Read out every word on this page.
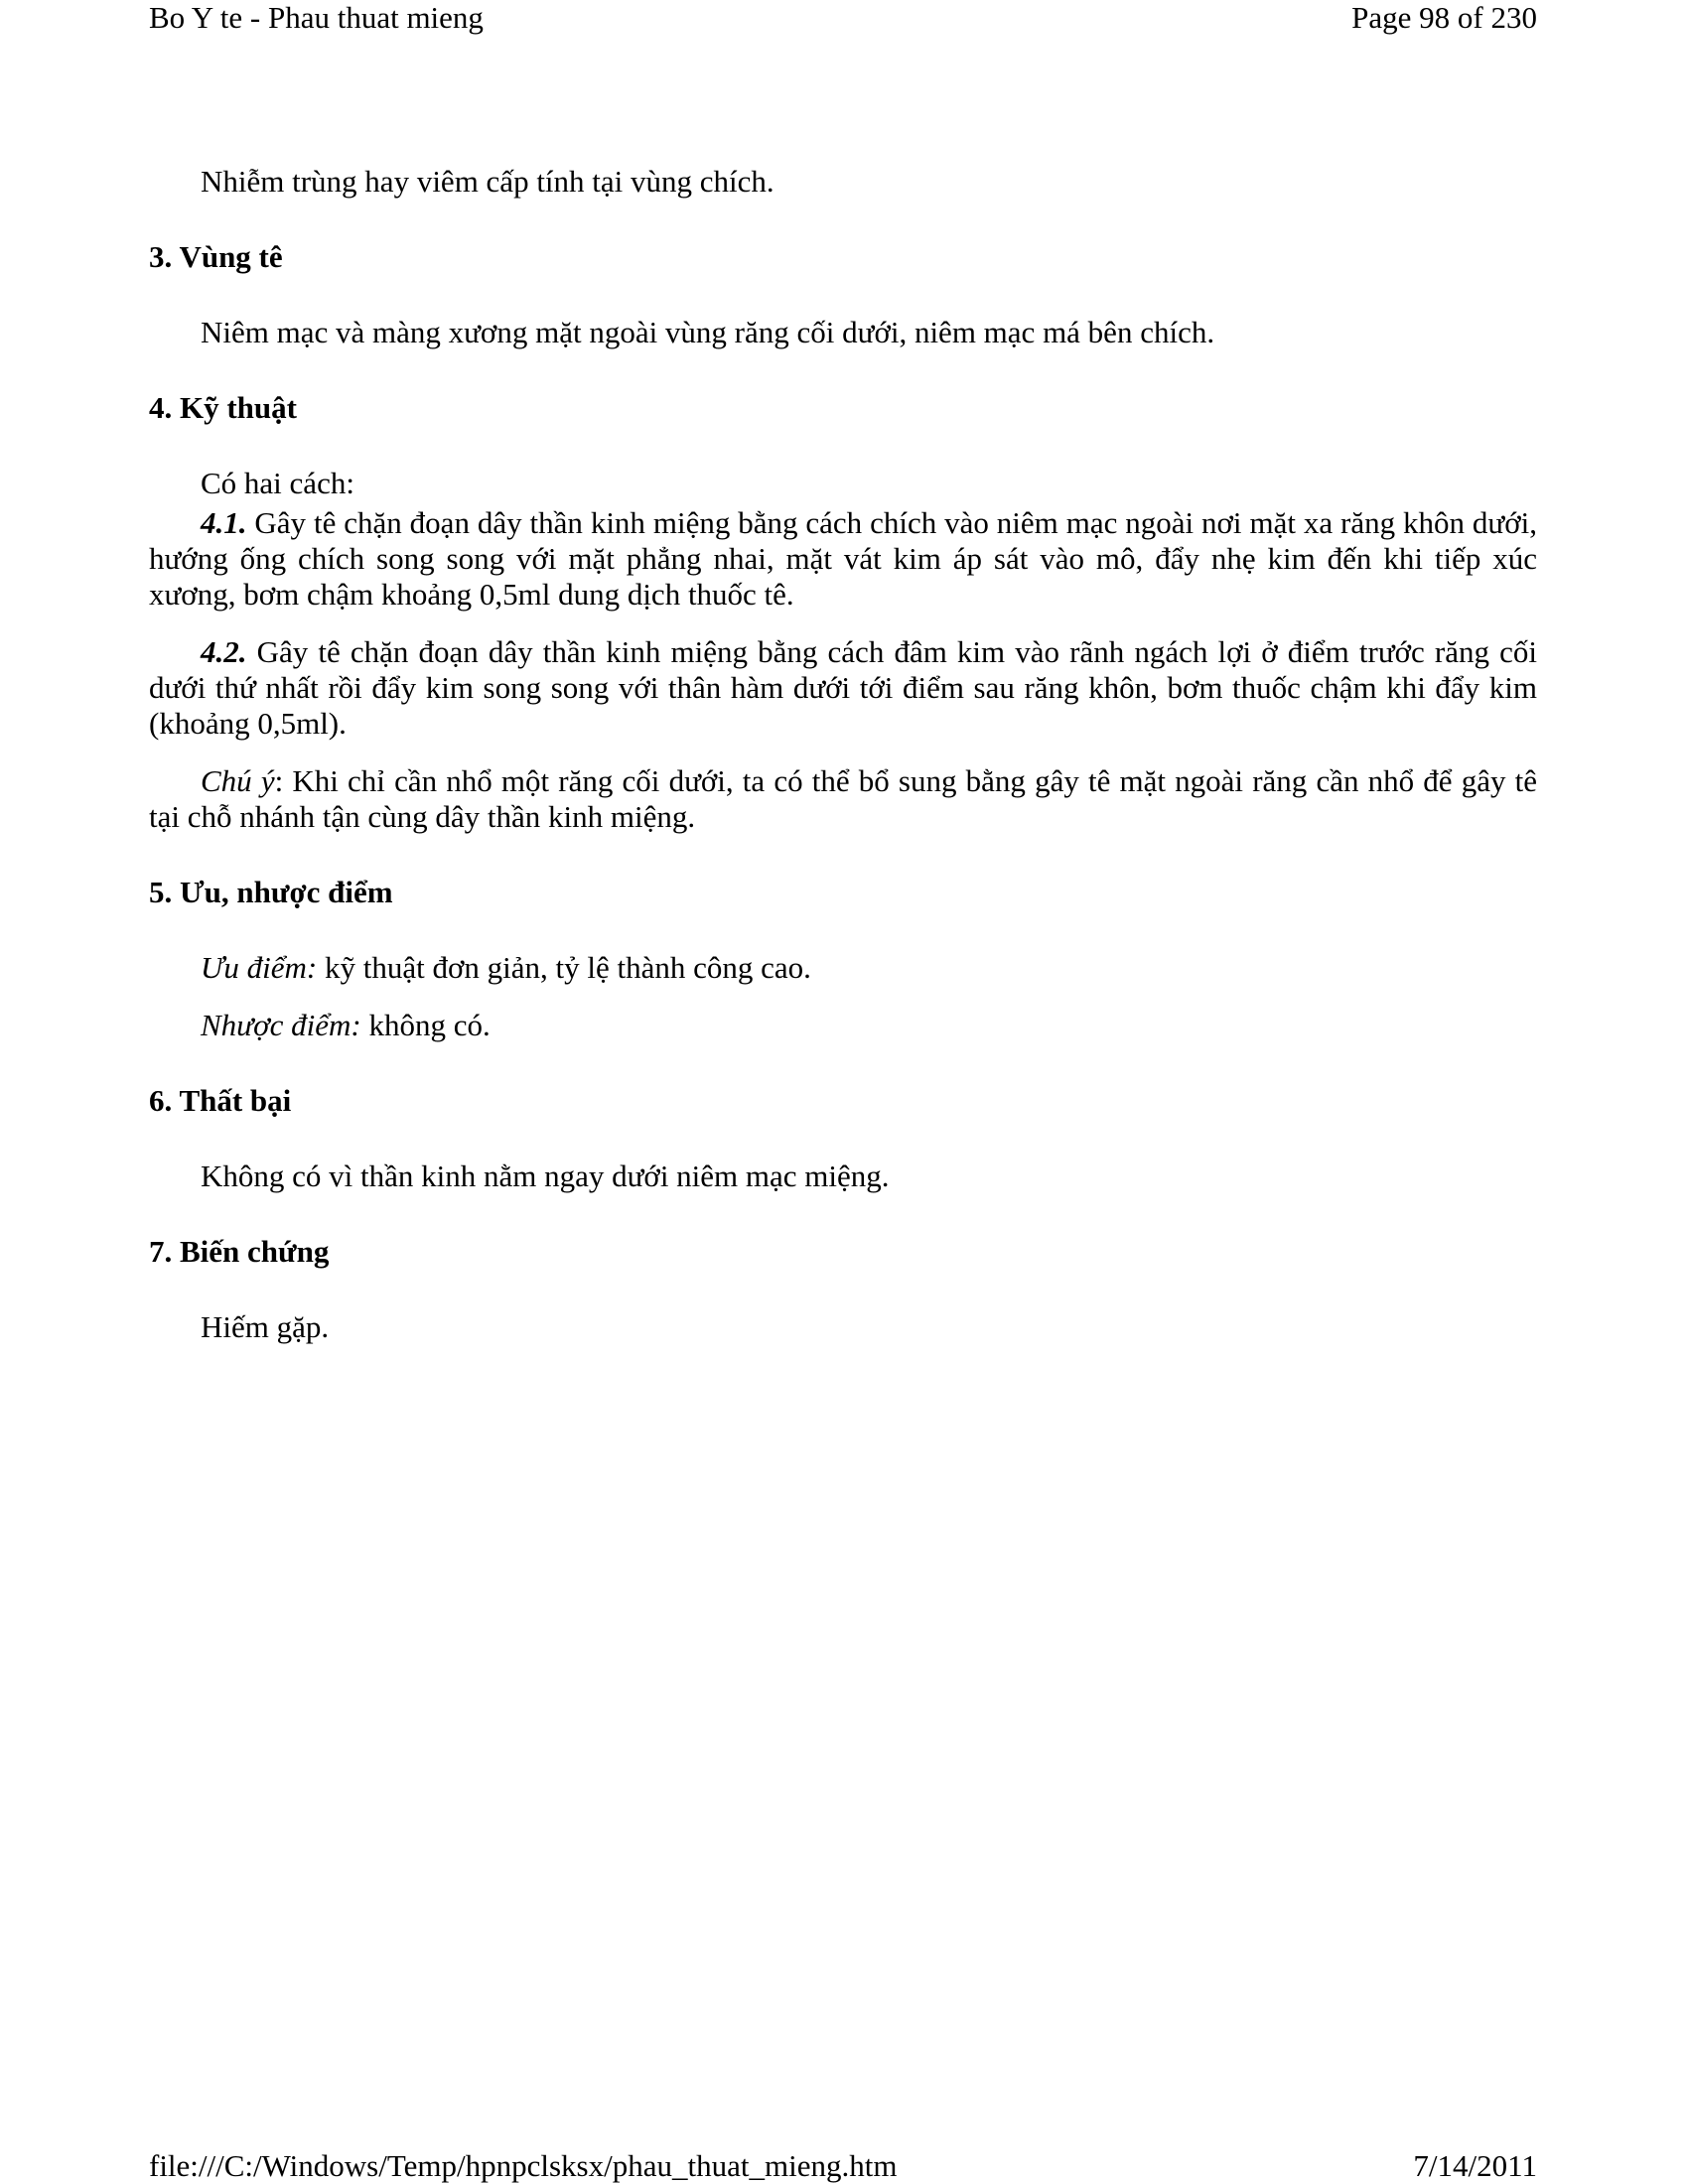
Bo Y te - Phau thuat mieng	Page 98 of 230

Nhiễm trùng hay viêm cấp tính tại vùng chích.

3. Vùng tê

Niêm mạc và màng xương mặt ngoài vùng răng cối dưới, niêm mạc má bên chích.

4. Kỹ thuật

Có hai cách:

4.1. Gây tê chặn đoạn dây thần kinh miệng bằng cách chích vào niêm mạc ngoài nơi mặt xa răng khôn dưới, hướng ống chích song song với mặt phẳng nhai, mặt vát kim áp sát vào mô, đẩy nhẹ kim đến khi tiếp xúc xương, bơm chậm khoảng 0,5ml dung dịch thuốc tê.

4.2. Gây tê chặn đoạn dây thần kinh miệng bằng cách đâm kim vào rãnh ngách lợi ở điểm trước răng cối dưới thứ nhất rồi đẩy kim song song với thân hàm dưới tới điểm sau răng khôn, bơm thuốc chậm khi đẩy kim (khoảng 0,5ml).

Chú ý: Khi chỉ cần nhổ một răng cối dưới, ta có thể bổ sung bằng gây tê mặt ngoài răng cần nhổ để gây tê tại chỗ nhánh tận cùng dây thần kinh miệng.

5. Ưu, nhược điểm

Ưu điểm: kỹ thuật đơn giản, tỷ lệ thành công cao.

Nhược điểm: không có.

6. Thất bại

Không có vì thần kinh nằm ngay dưới niêm mạc miệng.

7. Biến chứng

Hiếm gặp.

file:///C:/Windows/Temp/hpnpclsksx/phau_thuat_mieng.htm	7/14/2011
